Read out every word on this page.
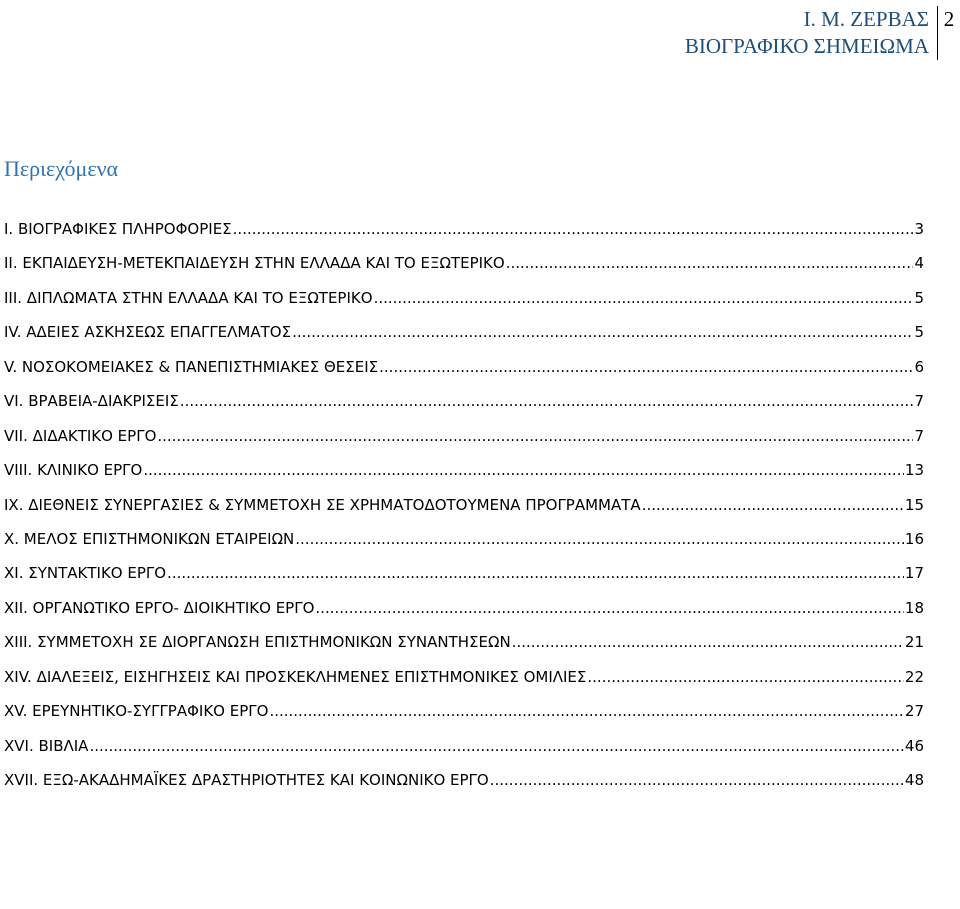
Ι. Μ. ΖΕΡΒΑΣ
ΒΙΟΓΡΑΦΙΚΟ ΣΗΜΕΙΩΜΑ
2
Περιεχόμενα
I. ΒΙΟΓΡΑΦΙΚΕΣ ΠΛΗΡΟΦΟΡΙΕΣ .....	3
II. ΕΚΠΑΙΔΕΥΣΗ-ΜΕΤΕΚΠΑΙΔΕΥΣΗ ΣΤΗΝ ΕΛΛΑΔΑ ΚΑΙ ΤΟ ΕΞΩΤΕΡΙΚΟ .....	4
III. ΔΙΠΛΩΜΑΤΑ ΣΤΗΝ ΕΛΛΑΔΑ ΚΑΙ ΤΟ ΕΞΩΤΕΡΙΚΟ .....	5
IV. ΑΔΕΙΕΣ ΑΣΚΗΣΕΩΣ ΕΠΑΓΓΕΛΜΑΤΟΣ .....	5
V. ΝΟΣΟΚΟΜΕΙΑΚΕΣ & ΠΑΝΕΠΙΣΤΗΜΙΑΚΕΣ ΘΕΣΕΙΣ .....	6
VI. ΒΡΑΒΕΙΑ-ΔΙΑΚΡΙΣΕΙΣ .....	7
VII. ΔΙΔΑΚΤΙΚΟ ΕΡΓΟ .....	7
VIII. ΚΛΙΝΙΚΟ ΕΡΓΟ .....	13
IX. ΔΙΕΘΝΕΙΣ ΣΥΝΕΡΓΑΣΙΕΣ & ΣΥΜΜΕΤΟΧΗ ΣΕ ΧΡΗΜΑΤΟΔΟΤΟΥΜΕΝΑ ΠΡΟΓΡΑΜΜΑΤΑ .....	15
X. ΜΕΛΟΣ ΕΠΙΣΤΗΜΟΝΙΚΩΝ ΕΤΑΙΡΕΙΩΝ .....	16
XI. ΣΥΝΤΑΚΤΙΚΟ ΕΡΓΟ .....	17
XII. ΟΡΓΑΝΩΤΙΚΟ ΕΡΓΟ- ΔΙΟΙΚΗΤΙΚΟ ΕΡΓΟ .....	18
XIII. ΣΥΜΜΕΤΟΧΗ ΣΕ ΔΙΟΡΓΑΝΩΣΗ ΕΠΙΣΤΗΜΟΝΙΚΩΝ ΣΥΝΑΝΤΗΣΕΩΝ .....	21
XIV. ΔΙΑΛΕΞΕΙΣ, ΕΙΣΗΓΗΣΕΙΣ ΚΑΙ ΠΡΟΣΚΕΚΛΗΜΕΝΕΣ ΕΠΙΣΤΗΜΟΝΙΚΕΣ ΟΜΙΛΙΕΣ .....	22
XV. ΕΡΕΥΝΗΤΙΚΟ-ΣΥΓΓΡΑΦΙΚΟ ΕΡΓΟ .....	27
XVI. ΒΙΒΛΙΑ .....	46
XVII. ΕΞΩ-ΑΚΑΔΗΜΑΪΚΕΣ ΔΡΑΣΤΗΡΙΟΤΗΤΕΣ ΚΑΙ ΚΟΙΝΩΝΙΚΟ ΕΡΓΟ .....	48
